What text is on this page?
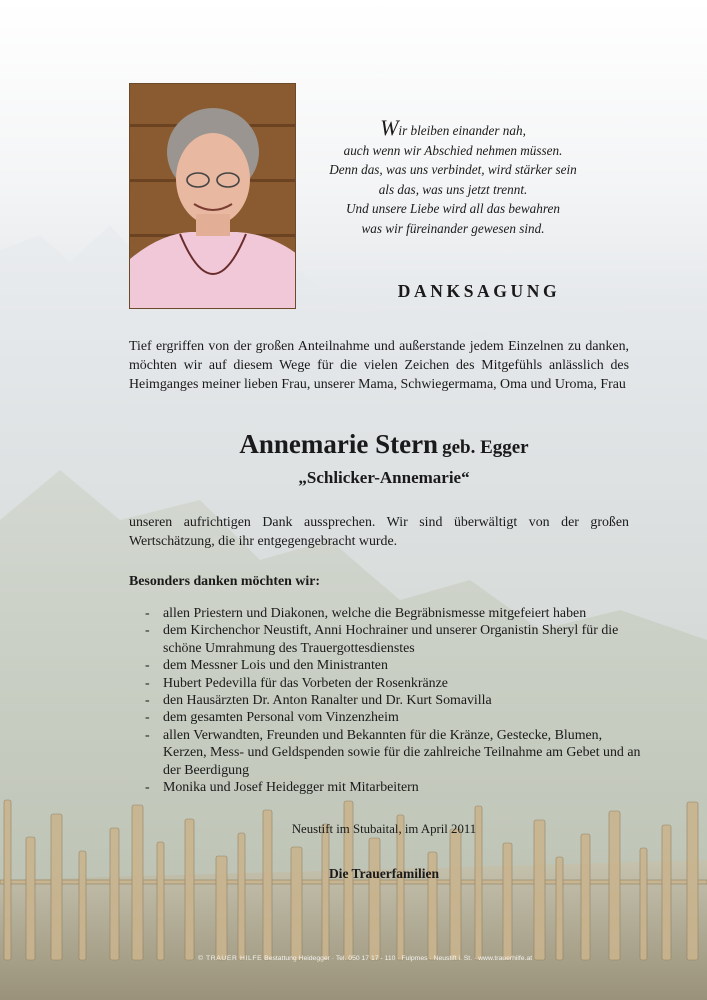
Wir bleiben einander nah,
auch wenn wir Abschied nehmen müssen.
Denn das, was uns verbindet, wird stärker sein
als das, was uns jetzt trennt.
Und unsere Liebe wird all das bewahren
was wir füreinander gewesen sind.
DANKSAGUNG
Tief ergriffen von der großen Anteilnahme und außerstande jedem Einzelnen zu danken, möchten wir auf diesem Wege für die vielen Zeichen des Mitgefühls anlässlich des Heimganges meiner lieben Frau, unserer Mama, Schwiegermama, Oma und Uroma, Frau
Annemarie Stern geb. Egger
„Schlicker-Annemarie“
unseren aufrichtigen Dank aussprechen. Wir sind überwältigt von der großen Wertschätzung, die ihr entgegengebracht wurde.
Besonders danken möchten wir:
- allen Priestern und Diakonen, welche die Begräbnismesse mitgefeiert haben
- dem Kirchenchor Neustift, Anni Hochrainer und unserer Organistin Sheryl für die schöne Umrahmung des Trauergottesdienstes
- dem Messner Lois und den Ministranten
- Hubert Pedevilla für das Vorbeten der Rosenkränze
- den Hausärzten Dr. Anton Ranalter und Dr. Kurt Somavilla
- dem gesamten Personal vom Vinzenzheim
- allen Verwandten, Freunden und Bekannten für die Kränze, Gestecke, Blumen, Kerzen, Mess- und Geldspenden sowie für die zahlreiche Teilnahme am Gebet und an der Beerdigung
- Monika und Josef Heidegger mit Mitarbeitern
Neustift im Stubaital, im April 2011
Die Trauerfamilien
© TRAUER HILFE Bestattung Heidegger · Tel. 050 17 17 - 110 · Fulpmes · Neustift i. St. · www.trauerhilfe.at
